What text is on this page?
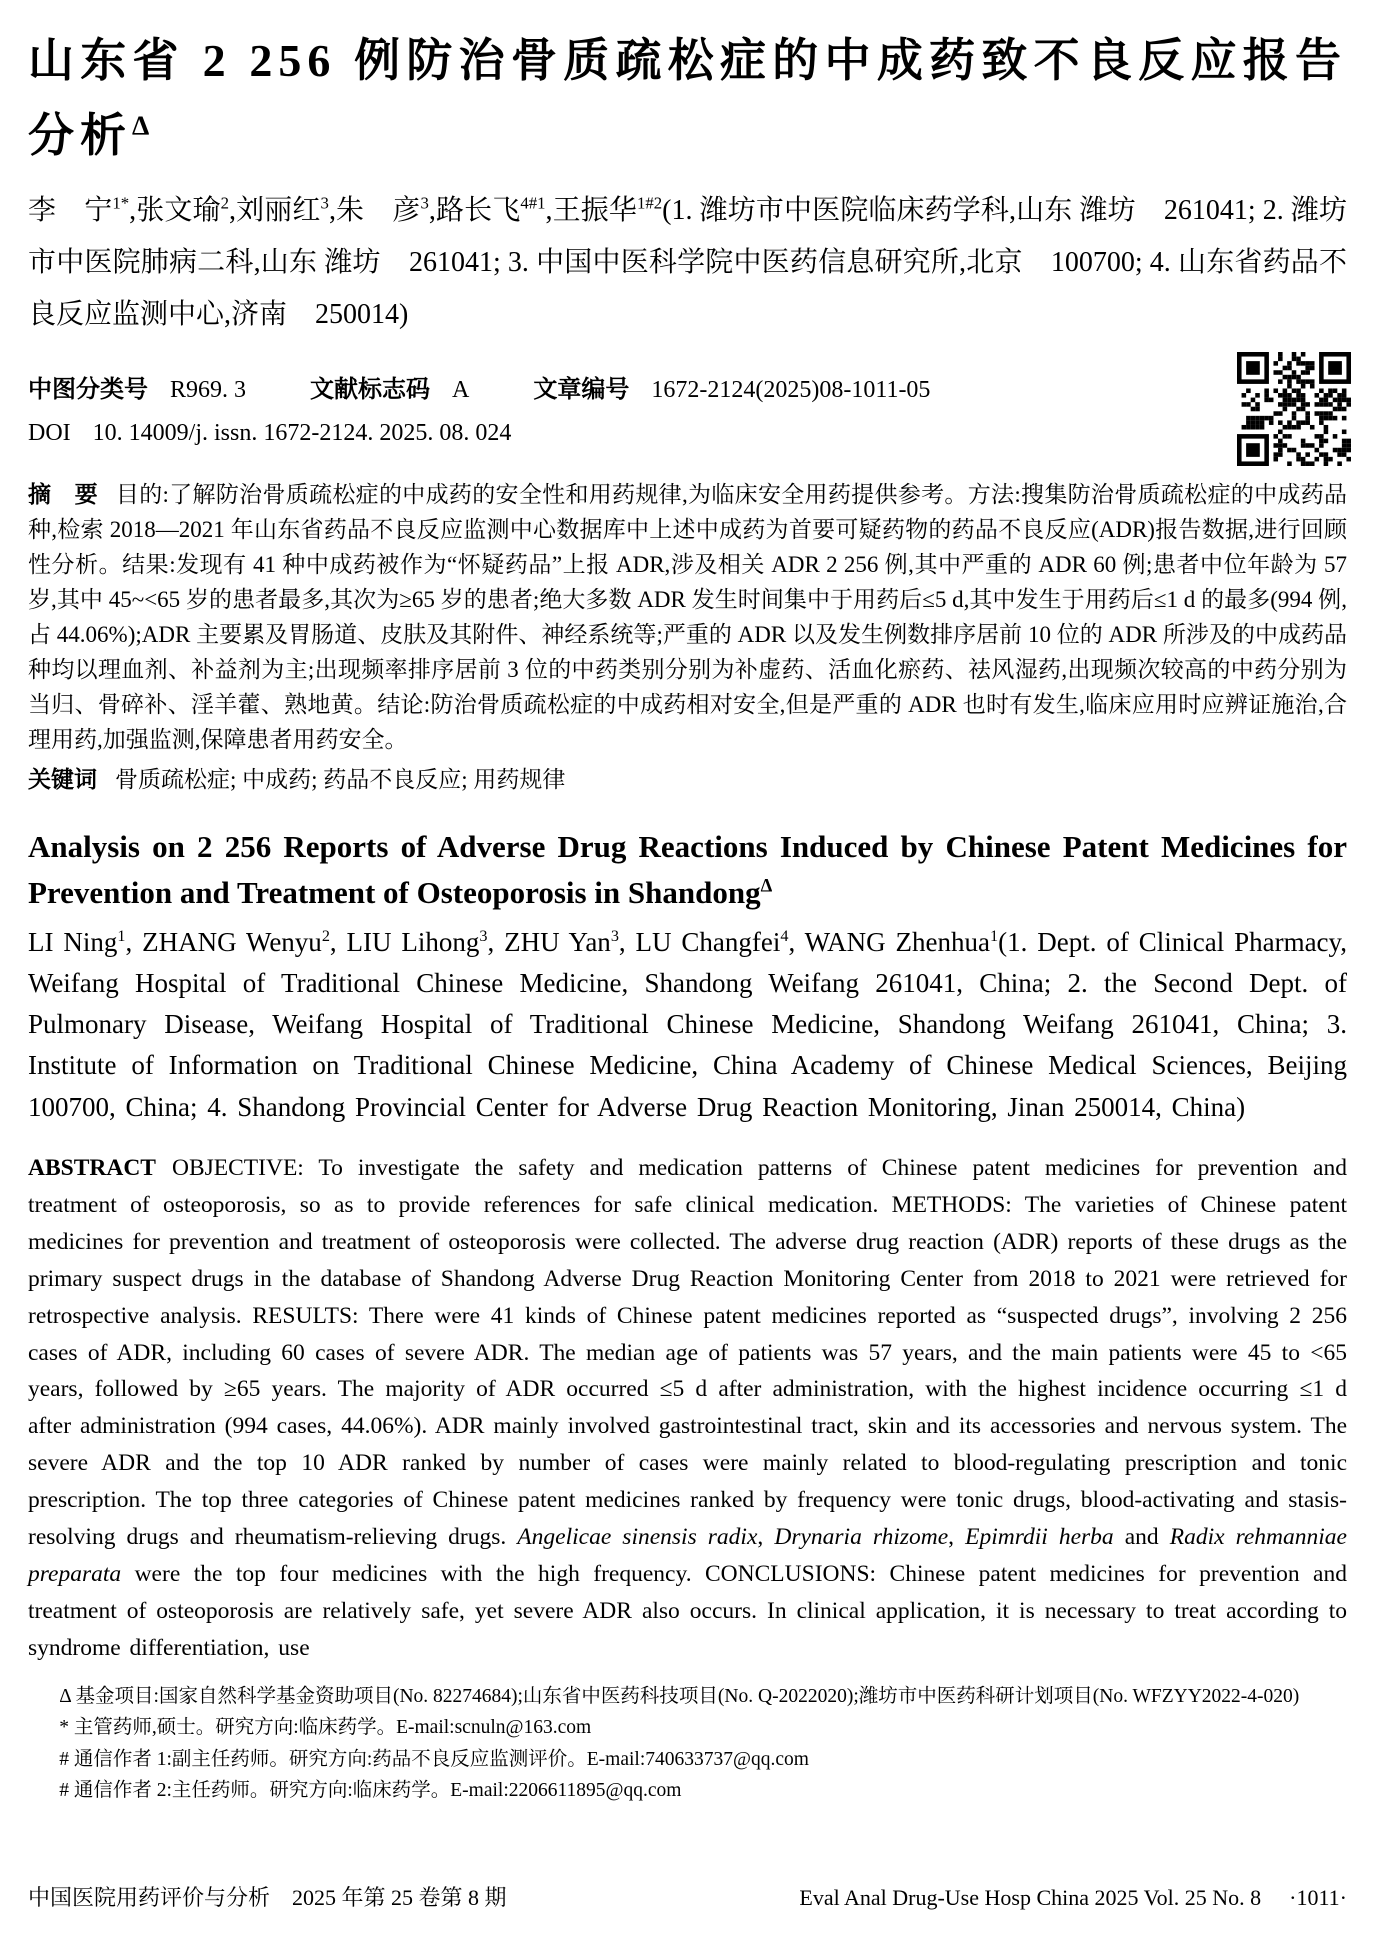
山东省 2 256 例防治骨质疏松症的中成药致不良反应报告分析$^\Delta$

李　宁$^{1*}$,张文瑜$^2$,刘丽红$^3$,朱　彦$^3$,路长飞$^{4\#1}$,王振华$^{1\#2}$(1. 潍坊市中医院临床药学科,山东 潍坊　261041; 2. 潍坊市中医院肺病二科,山东 潍坊　261041; 3. 中国中医科学院中医药信息研究所,北京　100700; 4. 山东省药品不良反应监测中心,济南　250014)

中图分类号 R969. 3	文献标志码 A	文章编号 1672-2124(2025)08-1011-05
DOI 10. 14009/j. issn. 1672-2124. 2025. 08. 024

摘　要 目的:了解防治骨质疏松症的中成药的安全性和用药规律,为临床安全用药提供参考。方法:搜集防治骨质疏松症的中成药品种,检索 2018—2021 年山东省药品不良反应监测中心数据库中上述中成药为首要可疑药物的药品不良反应(ADR)报告数据,进行回顾性分析。结果:发现有 41 种中成药被作为“怀疑药品”上报 ADR,涉及相关 ADR 2 256 例,其中严重的 ADR 60 例;患者中位年龄为 57 岁,其中 45~<65 岁的患者最多,其次为≥65 岁的患者;绝大多数 ADR 发生时间集中于用药后≤5 d,其中发生于用药后≤1 d 的最多(994 例,占 44.06%);ADR 主要累及胃肠道、皮肤及其附件、神经系统等;严重的 ADR 以及发生例数排序居前 10 位的 ADR 所涉及的中成药品种均以理血剂、补益剂为主;出现频率排序居前 3 位的中药类别分别为补虚药、活血化瘀药、祛风湿药,出现频次较高的中药分别为当归、骨碎补、淫羊藿、熟地黄。结论:防治骨质疏松症的中成药相对安全,但是严重的 ADR 也时有发生,临床应用时应辨证施治,合理用药,加强监测,保障患者用药安全。

关键词 骨质疏松症; 中成药; 药品不良反应; 用药规律

Analysis on 2 256 Reports of Adverse Drug Reactions Induced by Chinese Patent Medicines for Prevention and Treatment of Osteoporosis in Shandong$^\Delta$

LI Ning$^1$, ZHANG Wenyu$^2$, LIU Lihong$^3$, ZHU Yan$^3$, LU Changfei$^4$, WANG Zhenhua$^1$(1. Dept. of Clinical Pharmacy, Weifang Hospital of Traditional Chinese Medicine, Shandong Weifang 261041, China; 2. the Second Dept. of Pulmonary Disease, Weifang Hospital of Traditional Chinese Medicine, Shandong Weifang 261041, China; 3. Institute of Information on Traditional Chinese Medicine, China Academy of Chinese Medical Sciences, Beijing 100700, China; 4. Shandong Provincial Center for Adverse Drug Reaction Monitoring, Jinan 250014, China)

ABSTRACT OBJECTIVE: To investigate the safety and medication patterns of Chinese patent medicines for prevention and treatment of osteoporosis, so as to provide references for safe clinical medication. METHODS: The varieties of Chinese patent medicines for prevention and treatment of osteoporosis were collected. The adverse drug reaction (ADR) reports of these drugs as the primary suspect drugs in the database of Shandong Adverse Drug Reaction Monitoring Center from 2018 to 2021 were retrieved for retrospective analysis. RESULTS: There were 41 kinds of Chinese patent medicines reported as “suspected drugs”, involving 2 256 cases of ADR, including 60 cases of severe ADR. The median age of patients was 57 years, and the main patients were 45 to <65 years, followed by ≥65 years. The majority of ADR occurred ≤5 d after administration, with the highest incidence occurring ≤1 d after administration (994 cases, 44.06%). ADR mainly involved gastrointestinal tract, skin and its accessories and nervous system. The severe ADR and the top 10 ADR ranked by number of cases were mainly related to blood-regulating prescription and tonic prescription. The top three categories of Chinese patent medicines ranked by frequency were tonic drugs, blood-activating and stasis-resolving drugs and rheumatism-relieving drugs. Angelicae sinensis radix, Drynaria rhizome, Epimrdii herba and Radix rehmanniae preparata were the top four medicines with the high frequency. CONCLUSIONS: Chinese patent medicines for prevention and treatment of osteoporosis are relatively safe, yet severe ADR also occurs. In clinical application, it is necessary to treat according to syndrome differentiation, use

Δ 基金项目:国家自然科学基金资助项目(No. 82274684);山东省中医药科技项目(No. Q-2022020);潍坊市中医药科研计划项目(No. WFZYY2022-4-020)

* 主管药师,硕士。研究方向:临床药学。E-mail:scnuln@163.com

# 通信作者 1:副主任药师。研究方向:药品不良反应监测评价。E-mail:740633737@qq.com

# 通信作者 2:主任药师。研究方向:临床药学。E-mail:2206611895@qq.com

中国医院用药评价与分析　2025 年第 25 卷第 8 期	Eval Anal Drug-Use Hosp China 2025 Vol. 25 No. 8 ·1011·
